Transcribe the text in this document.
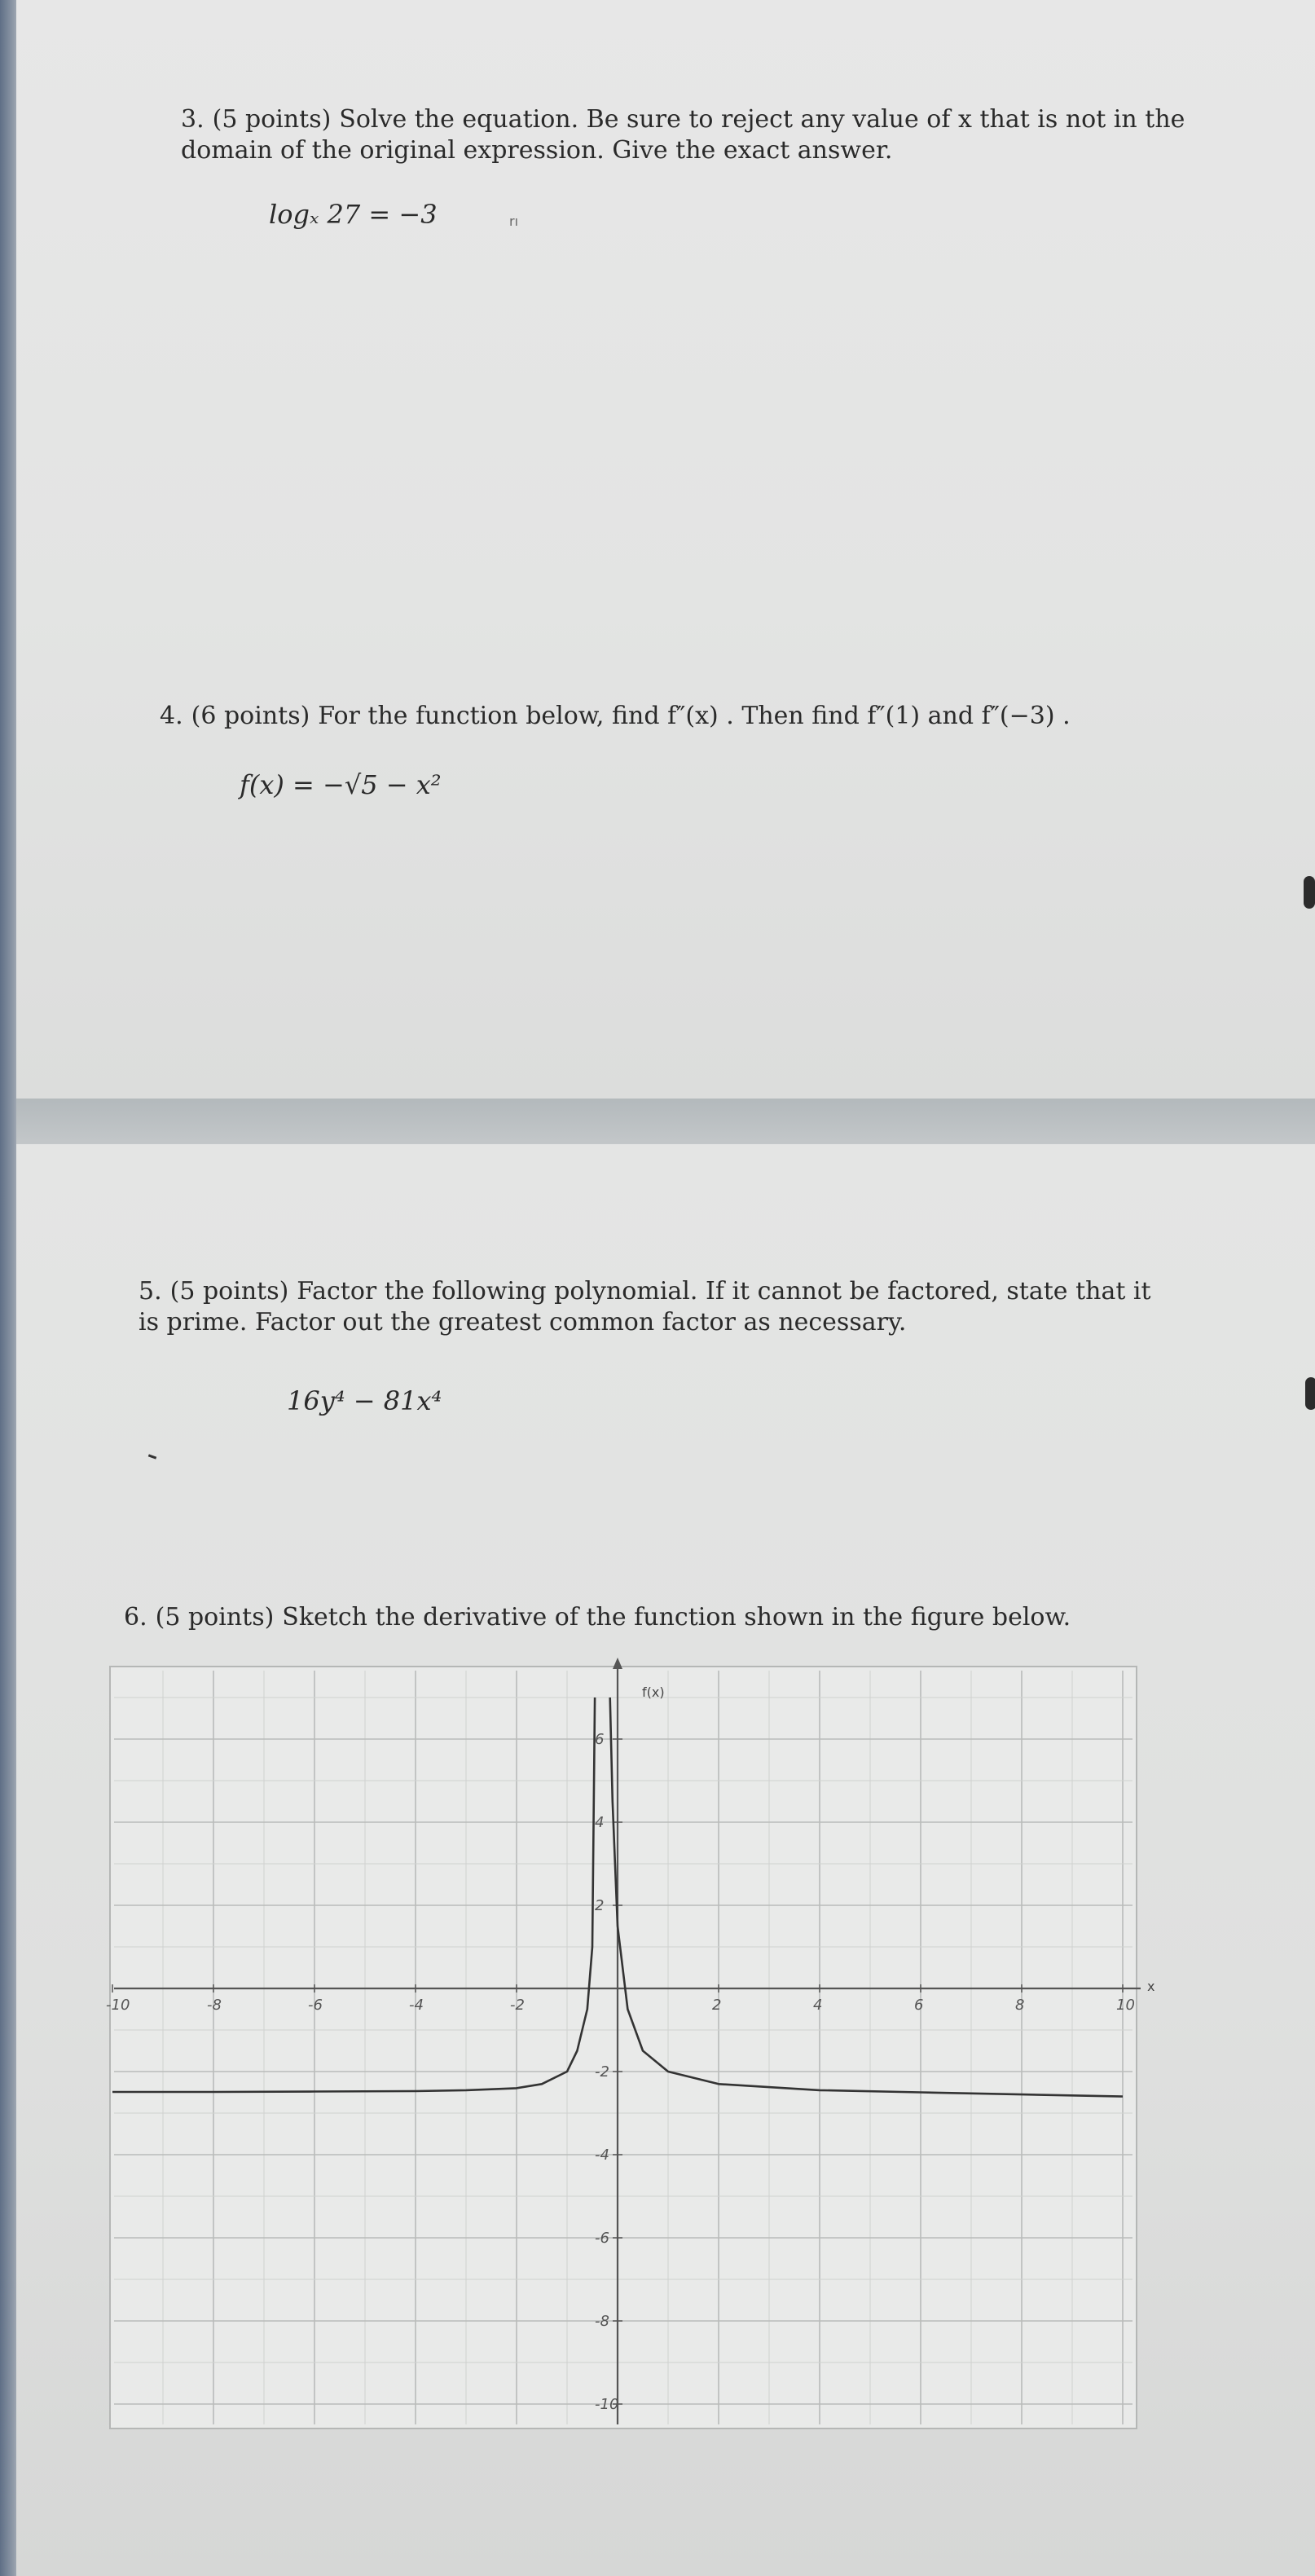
3. (5 points) Solve the equation. Be sure to reject any value of x that is not in the
domain of the original expression. Give the exact answer.
logₓ 27 = −3	rı
4. (6 points) For the function below, find f″(x) . Then find f″(1) and f″(−3) .
f(x) = −√5 − x²
5. (5 points) Factor the following polynomial. If it cannot be factored, state that it
is prime. Factor out the greatest common factor as necessary.
16y⁴ − 81x⁴
6. (5 points) Sketch the derivative of the function shown in the figure below.
-10	-8	-6	-4	-2	2	4	6	8	10
6
4
2
-2
-4
-6
-8
-10
f(x)
x
